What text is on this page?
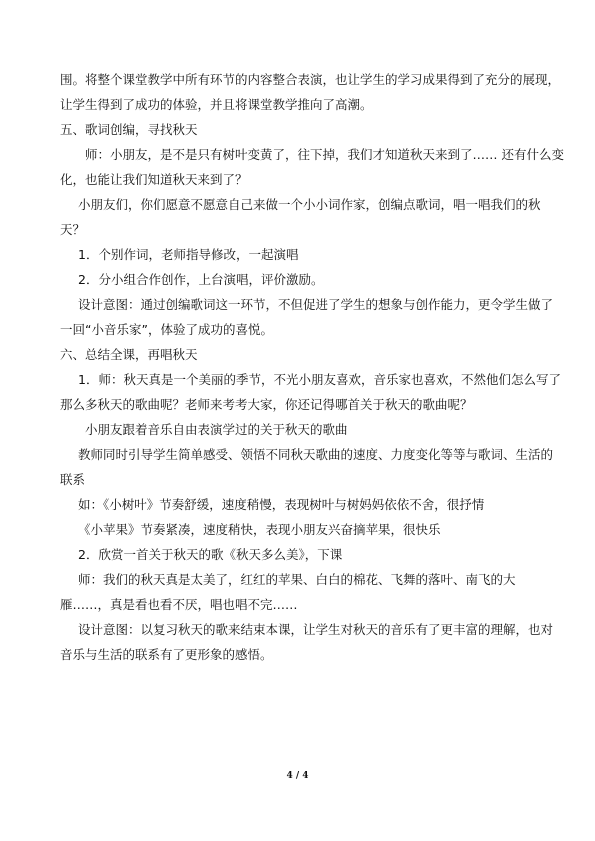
围。将整个课堂教学中所有环节的内容整合表演，也让学生的学习成果得到了充分的展现，
让学生得到了成功的体验，并且将课堂教学推向了高潮。
五、歌词创编，寻找秋天
师：小朋友，是不是只有树叶变黄了，往下掉，我们才知道秋天来到了…… 还有什么变
化，也能让我们知道秋天来到了？
小朋友们，你们愿意不愿意自己来做一个小小词作家，创编点歌词，唱一唱我们的秋
天？
1．个别作词，老师指导修改，一起演唱
2．分小组合作创作，上台演唱，评价激励。
设计意图：通过创编歌词这一环节，不但促进了学生的想象与创作能力，更令学生做了
一回“小音乐家”，体验了成功的喜悦。
六、总结全课，再唱秋天
1．师：秋天真是一个美丽的季节，不光小朋友喜欢，音乐家也喜欢，不然他们怎么写了
那么多秋天的歌曲呢？老师来考考大家，你还记得哪首关于秋天的歌曲呢？
小朋友跟着音乐自由表演学过的关于秋天的歌曲
教师同时引导学生简单感受、领悟不同秋天歌曲的速度、力度变化等等与歌词、生活的
联系
如：《小树叶》节奏舒缓，速度稍慢，表现树叶与树妈妈依依不舍，很抒情
《小苹果》节奏紧凑，速度稍快，表现小朋友兴奋摘苹果，很快乐
2．欣赏一首关于秋天的歌《秋天多么美》，下课
师：我们的秋天真是太美了，红红的苹果、白白的棉花、飞舞的落叶、南飞的大
雁……，真是看也看不厌，唱也唱不完……
设计意图：以复习秋天的歌来结束本课，让学生对秋天的音乐有了更丰富的理解，也对
音乐与生活的联系有了更形象的感悟。
4 / 4
